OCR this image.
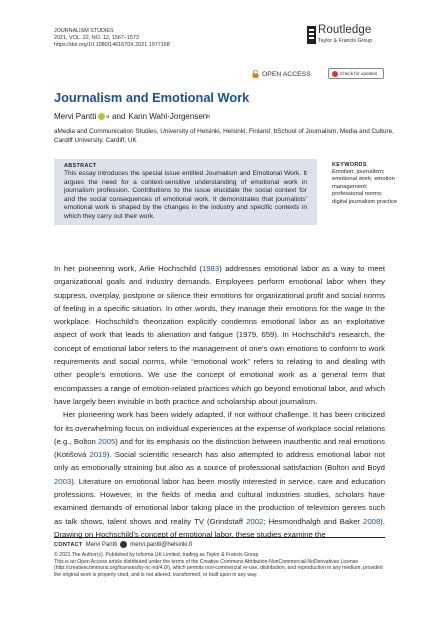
JOURNALISM STUDIES
2021, VOL. 22, NO. 12, 1567–1573
https://doi.org/10.1080/1461670X.2021.1977168
Routledge
Taylor & Francis Group
OPEN ACCESS	Check for updates
Journalism and Emotional Work
Mervi Pantti a and Karin Wahl-Jorgensen b
aMedia and Communication Studies, University of Helsinki, Helsinki, Finland; bSchool of Journalism, Media and Culture, Cardiff University, Cardiff, UK
ABSTRACT
This essay introduces the special issue entitled Journalism and Emotional Work. It argues the need for a context-sensitive understanding of emotional work in journalism profession. Contributions to the issue elucidate the social context for and the social consequences of emotional work. It demonstrates that journalists’ emotional work is shaped by the changes in the industry and specific contexts in which they carry out their work.
KEYWORDS
Emotion; journalism; emotional work; emotion management; professional norms; digital journalism practice

In her pioneering work, Arlie Hochschild (1983) addresses emotional labor as a way to meet organizational goals and industry demands. Employees perform emotional labor when they suppress, overplay, postpone or silence their emotions for organizational profit and social norms of feeling in a specific situation. In other words, they manage their emotions for the wage in the workplace. Hochschild’s theorization explicitly condemns emotional labor as an exploitative aspect of work that leads to alienation and fatigue (1979, 659). In Hochschild’s research, the concept of emotional labor refers to the management of one’s own emotions to conform to work requirements and social norms, while “emotional work” refers to relating to and dealing with other people’s emotions. We use the concept of emotional work as a general term that encompasses a range of emotion-related practices which go beyond emotional labor, and which have largely been invisible in both practice and scholarship about journalism.

Her pioneering work has been widely adapted, if not without challenge. It has been criticized for its overwhelming focus on individual experiences at the expense of workplace social relations (e.g., Bolton 2005) and for its emphasis on the distinction between inauthentic and real emotions (Kotišová 2019). Social scientific research has also attempted to address emotional labor not only as emotionally straining but also as a source of professional satisfaction (Bolton and Boyd 2003). Literature on emotional labor has been mostly interested in service, care and education professions. However, in the fields of media and cultural industries studies, scholars have examined demands of emotional labor taking place in the production of television genres such as talk shows, talent shows and reality TV (Grindstaff 2002; Hesmondhalgh and Baker 2008). Drawing on Hochschild’s concept of emotional labor, these studies examine the

CONTACT Mervi Pantti mervi.pantti@helsinki.fi
© 2021 The Author(s). Published by Informa UK Limited, trading as Taylor & Francis Group
This is an Open Access article distributed under the terms of the Creative Commons Attribution-NonCommercial-NoDerivatives License (http://creativecommons.org/licenses/by-nc-nd/4.0/), which permits non-commercial re-use, distribution, and reproduction in any medium, provided the original work is properly cited, and is not altered, transformed, or built upon in any way.
